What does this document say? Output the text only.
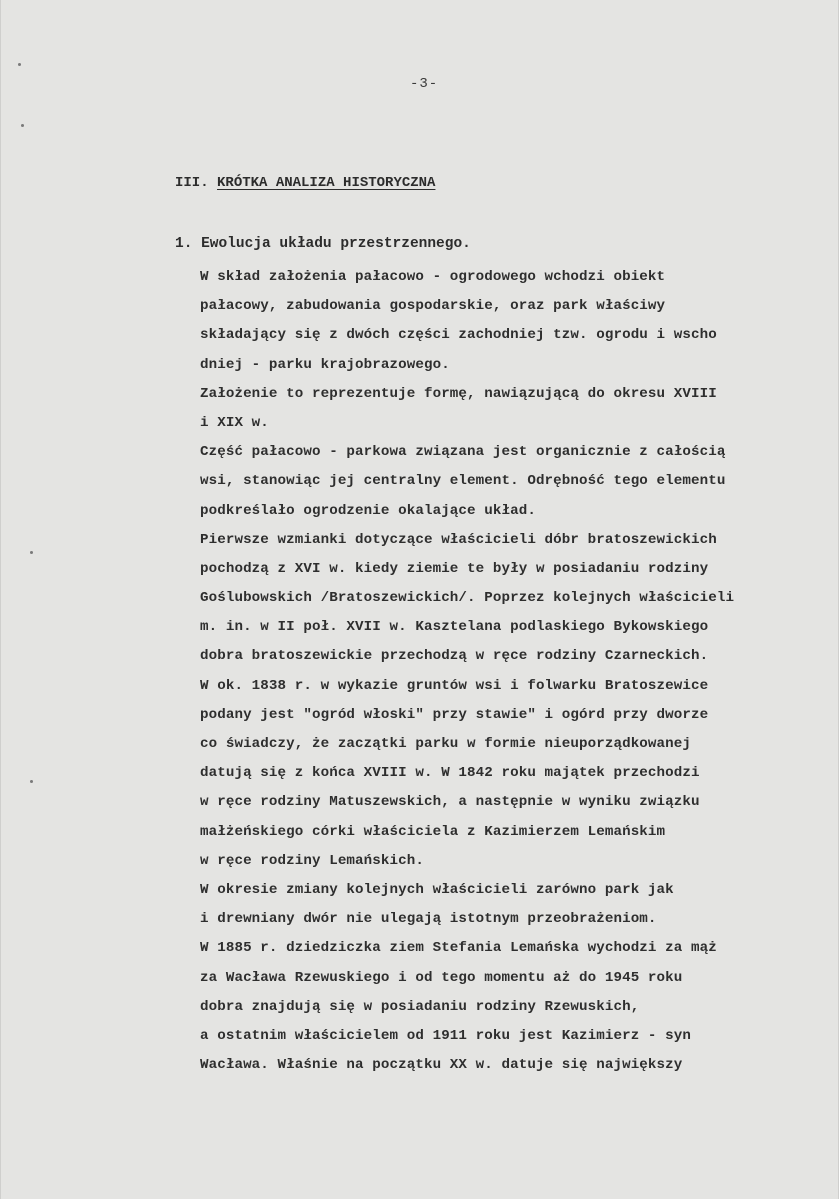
-3-
III. KRÓTKA ANALIZA HISTORYCZNA
1. Ewolucja układu przestrzennego.
W skład założenia pałacowo - ogrodowego wchodzi obiekt
pałacowy, zabudowania gospodarskie, oraz park właściwy
składający się z dwóch części zachodniej tzw. ogrodu i wscho
dniej - parku krajobrazowego.
Założenie to reprezentuje formę, nawiązującą do okresu XVIII
i XIX w.
Część pałacowo - parkowa związana jest organicznie z całością
wsi, stanowiąc jej centralny element. Odrębność tego elementu
podkreślało ogrodzenie okalające układ.
Pierwsze wzmianki dotyczące właścicieli dóbr bratoszewickich
pochodzą z XVI w. kiedy ziemie te były w posiadaniu rodziny
Goślubowskich /Bratoszewickich/. Poprzez kolejnych właścicieli
m. in. w II poł. XVII w. Kasztelana podlaskiego Bykowskiego
dobra bratoszewickie przechodzą w ręce rodziny Czarneckich.
W ok. 1838 r. w wykazie gruntów wsi i folwarku Bratoszewice
podany jest "ogród włoski" przy stawie" i ogórd przy dworze
co świadczy, że zaczątki parku w formie nieuporządkowanej
datują się z końca XVIII w. W 1842 roku majątek przechodzi
w ręce rodziny Matuszewskich, a następnie w wyniku związku
małżeńskiego córki właściciela z Kazimierzem Lemańskim
w ręce rodziny Lemańskich.
W okresie zmiany kolejnych właścicieli zarówno park jak
i drewniany dwór nie ulegają istotnym przeobrażeniom.
W 1885 r. dziedziczka ziem Stefania Lemańska wychodzi za mąż
za Wacława Rzewuskiego i od tego momentu aż do 1945 roku
dobra znajdują się w posiadaniu rodziny Rzewuskich,
a ostatnim właścicielem od 1911 roku jest Kazimierz - syn
Wacława. Właśnie na początku XX w. datuje się największy
